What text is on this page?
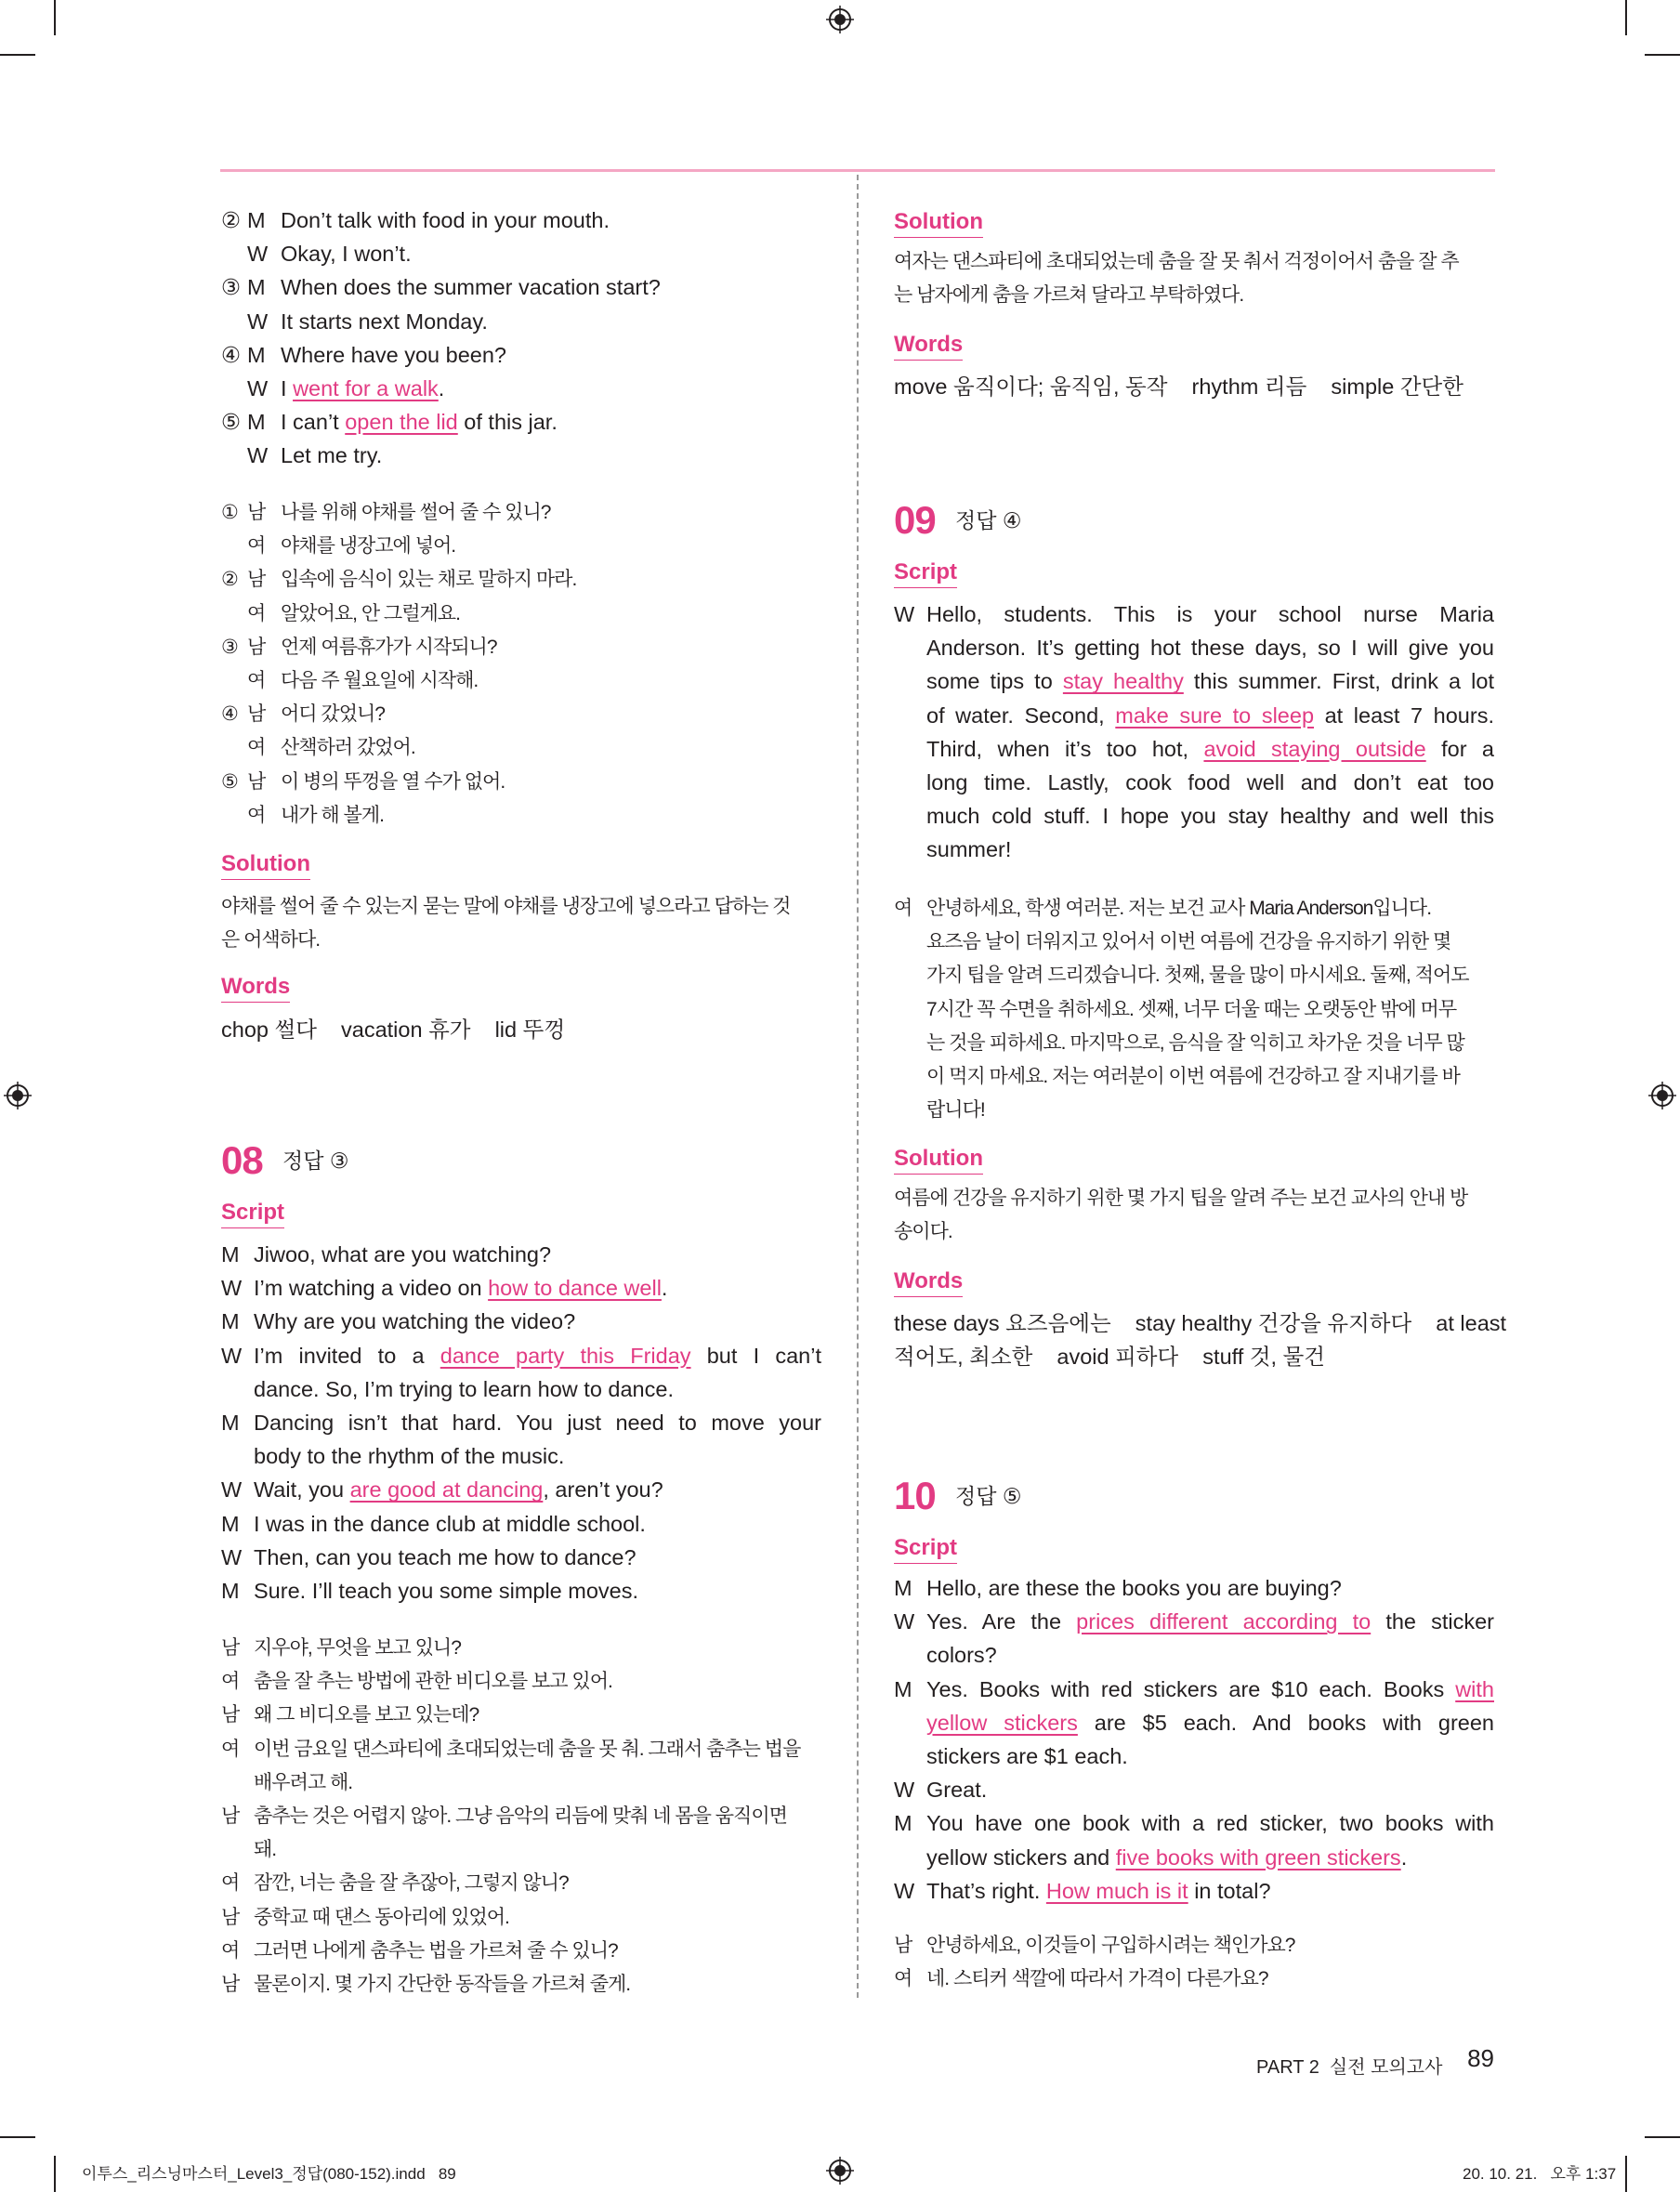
② M Don’t talk with food in your mouth.
W Okay, I won’t.
③ M When does the summer vacation start?
W It starts next Monday.
④ M Where have you been?
W I went for a walk.
⑤ M I can’t open the lid of this jar.
W Let me try.
① 남 나를 위해 야채를 썰어 줄 수 있니?
여 야채를 냉장고에 넣어.
② 남 입속에 음식이 있는 채로 말하지 마라.
여 알았어요, 안 그럴게요.
③ 남 언제 여름휴가가 시작되니?
여 다음 주 월요일에 시작해.
④ 남 어디 갔었니?
여 산책하러 갔었어.
⑤ 남 이 병의 뚜껑을 열 수가 없어.
여 내가 해 볼게.
Solution
야채를 썰어 줄 수 있는지 묻는 말에 야채를 냉장고에 넣으라고 답하는 것
은 어색하다.
Words
chop 썰다    vacation 휴가    lid 뚜껑
08 정답 ③
Script
M Jiwoo, what are you watching?
W I’m watching a video on how to dance well.
M Why are you watching the video?
W I’m invited to a dance party this Friday but I can’t
dance. So, I’m trying to learn how to dance.
M Dancing isn’t that hard. You just need to move your
body to the rhythm of the music.
W Wait, you are good at dancing, aren’t you?
M I was in the dance club at middle school.
W Then, can you teach me how to dance?
M Sure. I’ll teach you some simple moves.
남 지우야, 무엇을 보고 있니?
여 춤을 잘 추는 방법에 관한 비디오를 보고 있어.
남 왜 그 비디오를 보고 있는데?
여 이번 금요일 댄스파티에 초대되었는데 춤을 못 춰. 그래서 춤추는 법을
배우려고 해.
남 춤추는 것은 어렵지 않아. 그냥 음악의 리듬에 맞춰 네 몸을 움직이면
돼.
여 잠깐, 너는 춤을 잘 추잖아, 그렇지 않니?
남 중학교 때 댄스 동아리에 있었어.
여 그러면 나에게 춤추는 법을 가르쳐 줄 수 있니?
남 물론이지. 몇 가지 간단한 동작들을 가르쳐 줄게.
Solution
여자는 댄스파티에 초대되었는데 춤을 잘 못 춰서 걱정이어서 춤을 잘 추
는 남자에게 춤을 가르쳐 달라고 부탁하였다.
Words
move 움직이다; 움직임, 동작    rhythm 리듬    simple 간단한
09 정답 ④
Script
W Hello, students. This is your school nurse Maria
Anderson. It’s getting hot these days, so I will give you
some tips to stay healthy this summer. First, drink a lot
of water. Second, make sure to sleep at least 7 hours.
Third, when it’s too hot, avoid staying outside for a
long time. Lastly, cook food well and don’t eat too
much cold stuff. I hope you stay healthy and well this
summer!
여 안녕하세요, 학생 여러분. 저는 보건 교사 Maria Anderson입니다.
요즈음 날이 더워지고 있어서 이번 여름에 건강을 유지하기 위한 몇
가지 팁을 알려 드리겠습니다. 첫째, 물을 많이 마시세요. 둘째, 적어도
7시간 꼭 수면을 취하세요. 셋째, 너무 더울 때는 오랫동안 밖에 머무
는 것을 피하세요. 마지막으로, 음식을 잘 익히고 차가운 것을 너무 많
이 먹지 마세요. 저는 여러분이 이번 여름에 건강하고 잘 지내기를 바
랍니다!
Solution
여름에 건강을 유지하기 위한 몇 가지 팁을 알려 주는 보건 교사의 안내 방
송이다.
Words
these days 요즈음에는    stay healthy 건강을 유지하다    at least
적어도, 최소한    avoid 피하다    stuff 것, 물건
10 정답 ⑤
Script
M Hello, are these the books you are buying?
W Yes. Are the prices different according to the sticker
colors?
M Yes. Books with red stickers are $10 each. Books with
yellow stickers are $5 each. And books with green
stickers are $1 each.
W Great.
M You have one book with a red sticker, two books with
yellow stickers and five books with green stickers.
W That’s right. How much is it in total?
남 안녕하세요, 이것들이 구입하시려는 책인가요?
여 네. 스티커 색깔에 따라서 가격이 다른가요?
PART 2  실전 모의고사 89
이투스_리스닝마스터_Level3_정답(080-152).indd   89	20. 10. 21.   오후 1:37
